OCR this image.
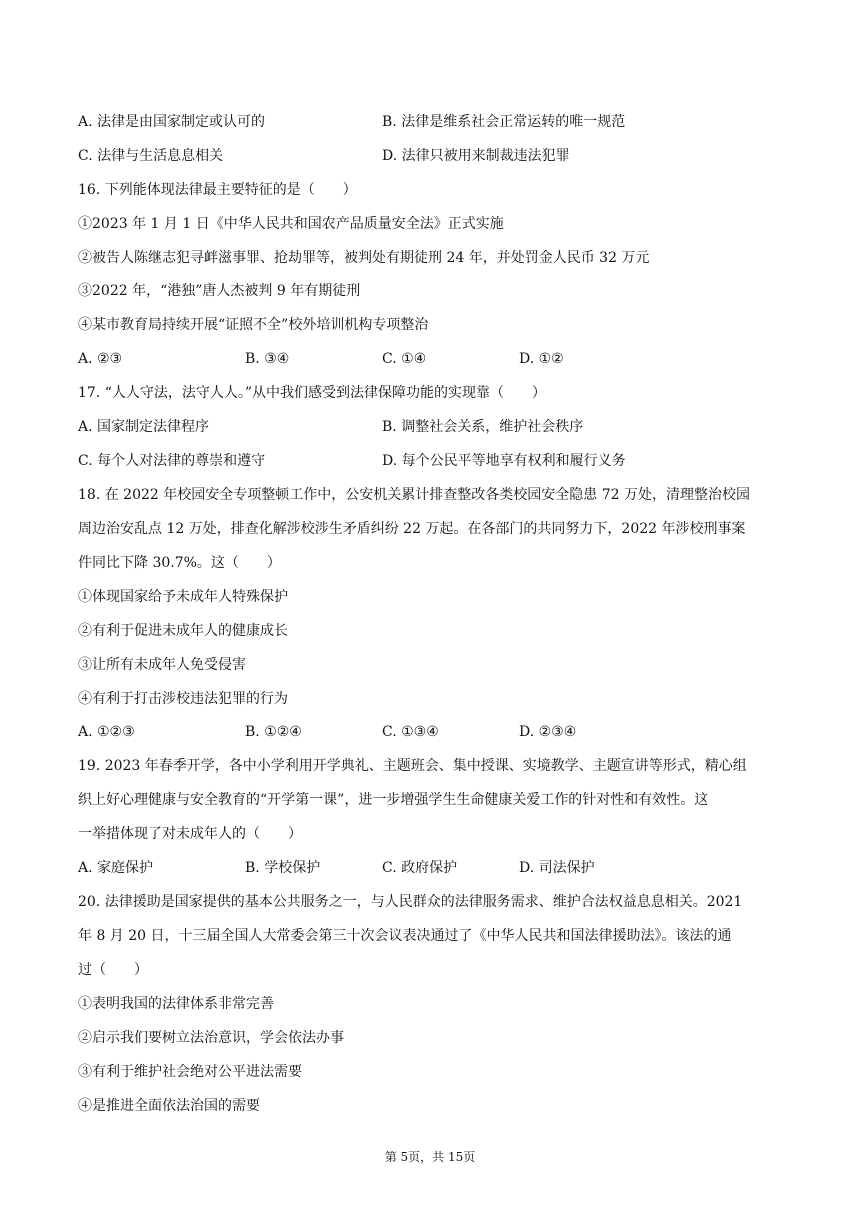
A. 法律是由国家制定或认可的	B. 法律是维系社会正常运转的唯一规范
C. 法律与生活息息相关	D. 法律只被用来制裁违法犯罪
16. 下列能体现法律最主要特征的是（　　）
①2023 年 1 月 1 日《中华人民共和国农产品质量安全法》正式实施
②被告人陈继志犯寻衅滋事罪、抢劫罪等，被判处有期徒刑 24 年，并处罚金人民币 32 万元
③2022 年，“港独”唐人杰被判 9 年有期徒刑
④某市教育局持续开展“证照不全”校外培训机构专项整治
A. ②③	B. ③④	C. ①④	D. ①②
17. “人人守法，法守人人。”从中我们感受到法律保障功能的实现靠（　　）
A. 国家制定法律程序	B. 调整社会关系，维护社会秩序
C. 每个人对法律的尊崇和遵守	D. 每个公民平等地享有权利和履行义务
18. 在 2022 年校园安全专项整顿工作中，公安机关累计排查整改各类校园安全隐患 72 万处，清理整治校园
周边治安乱点 12 万处，排查化解涉校涉生矛盾纠纷 22 万起。在各部门的共同努力下，2022 年涉校刑事案
件同比下降 30.7%。这（　　）
①体现国家给予未成年人特殊保护
②有利于促进未成年人的健康成长
③让所有未成年人免受侵害
④有利于打击涉校违法犯罪的行为
A. ①②③	B. ①②④	C. ①③④	D. ②③④
19. 2023 年春季开学，各中小学利用开学典礼、主题班会、集中授课、实境教学、主题宣讲等形式，精心组
织上好心理健康与安全教育的“开学第一课”，进一步增强学生生命健康关爱工作的针对性和有效性。这
一举措体现了对未成年人的（　　）
A. 家庭保护	B. 学校保护	C. 政府保护	D. 司法保护
20. 法律援助是国家提供的基本公共服务之一，与人民群众的法律服务需求、维护合法权益息息相关。2021
年 8 月 20 日，十三届全国人大常委会第三十次会议表决通过了《中华人民共和国法律援助法》。该法的通
过（　　）
①表明我国的法律体系非常完善
②启示我们要树立法治意识，学会依法办事
③有利于维护社会绝对公平进法需要
④是推进全面依法治国的需要
第 5页，共 15页
